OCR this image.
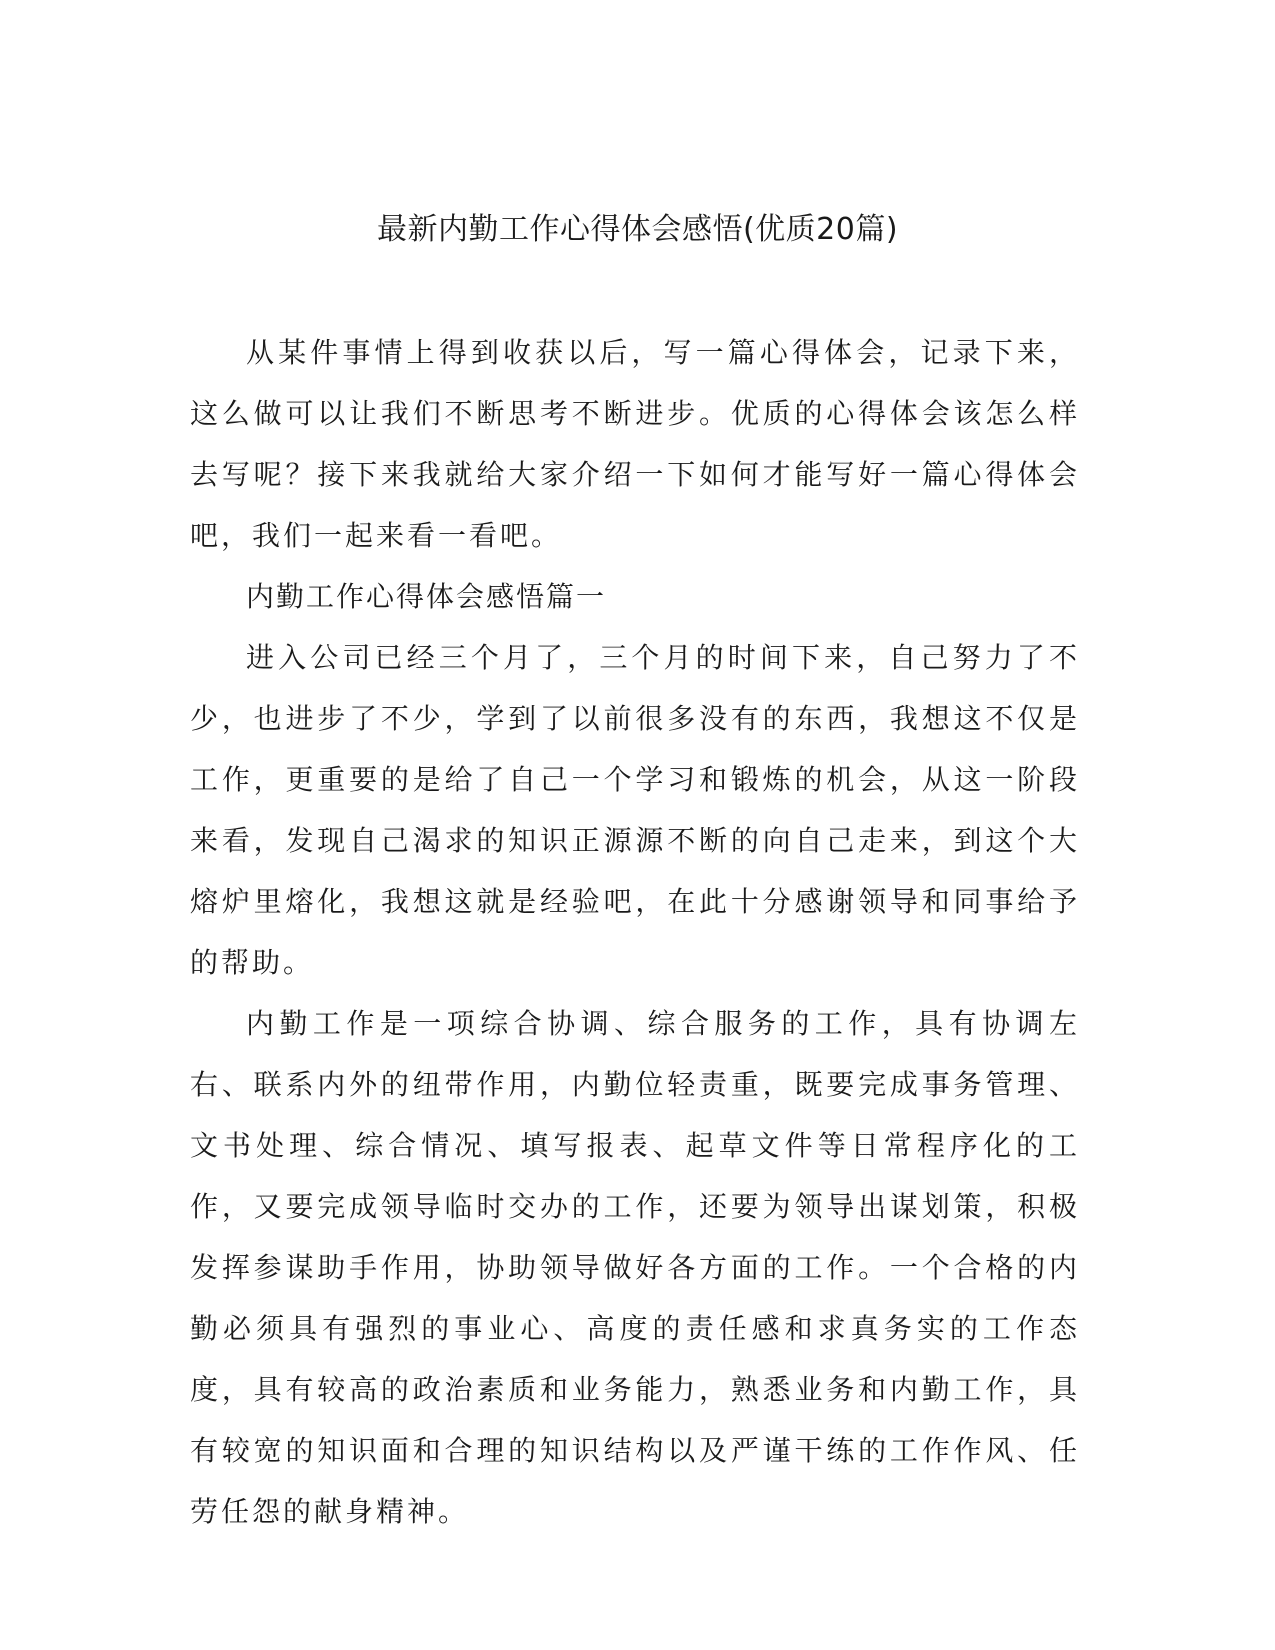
最新内勤工作心得体会感悟(优质20篇)

从某件事情上得到收获以后，写一篇心得体会，记录下来，这么做可以让我们不断思考不断进步。优质的心得体会该怎么样去写呢？接下来我就给大家介绍一下如何才能写好一篇心得体会吧，我们一起来看一看吧。

内勤工作心得体会感悟篇一

进入公司已经三个月了，三个月的时间下来，自己努力了不少，也进步了不少，学到了以前很多没有的东西，我想这不仅是工作，更重要的是给了自己一个学习和锻炼的机会，从这一阶段来看，发现自己渴求的知识正源源不断的向自己走来，到这个大熔炉里熔化，我想这就是经验吧，在此十分感谢领导和同事给予的帮助。

内勤工作是一项综合协调、综合服务的工作，具有协调左右、联系内外的纽带作用，内勤位轻责重，既要完成事务管理、文书处理、综合情况、填写报表、起草文件等日常程序化的工作，又要完成领导临时交办的工作，还要为领导出谋划策，积极发挥参谋助手作用，协助领导做好各方面的工作。一个合格的内勤必须具有强烈的事业心、高度的责任感和求真务实的工作态度，具有较高的政治素质和业务能力，熟悉业务和内勤工作，具有较宽的知识面和合理的知识结构以及严谨干练的工作作风、任劳任怨的献身精神。
